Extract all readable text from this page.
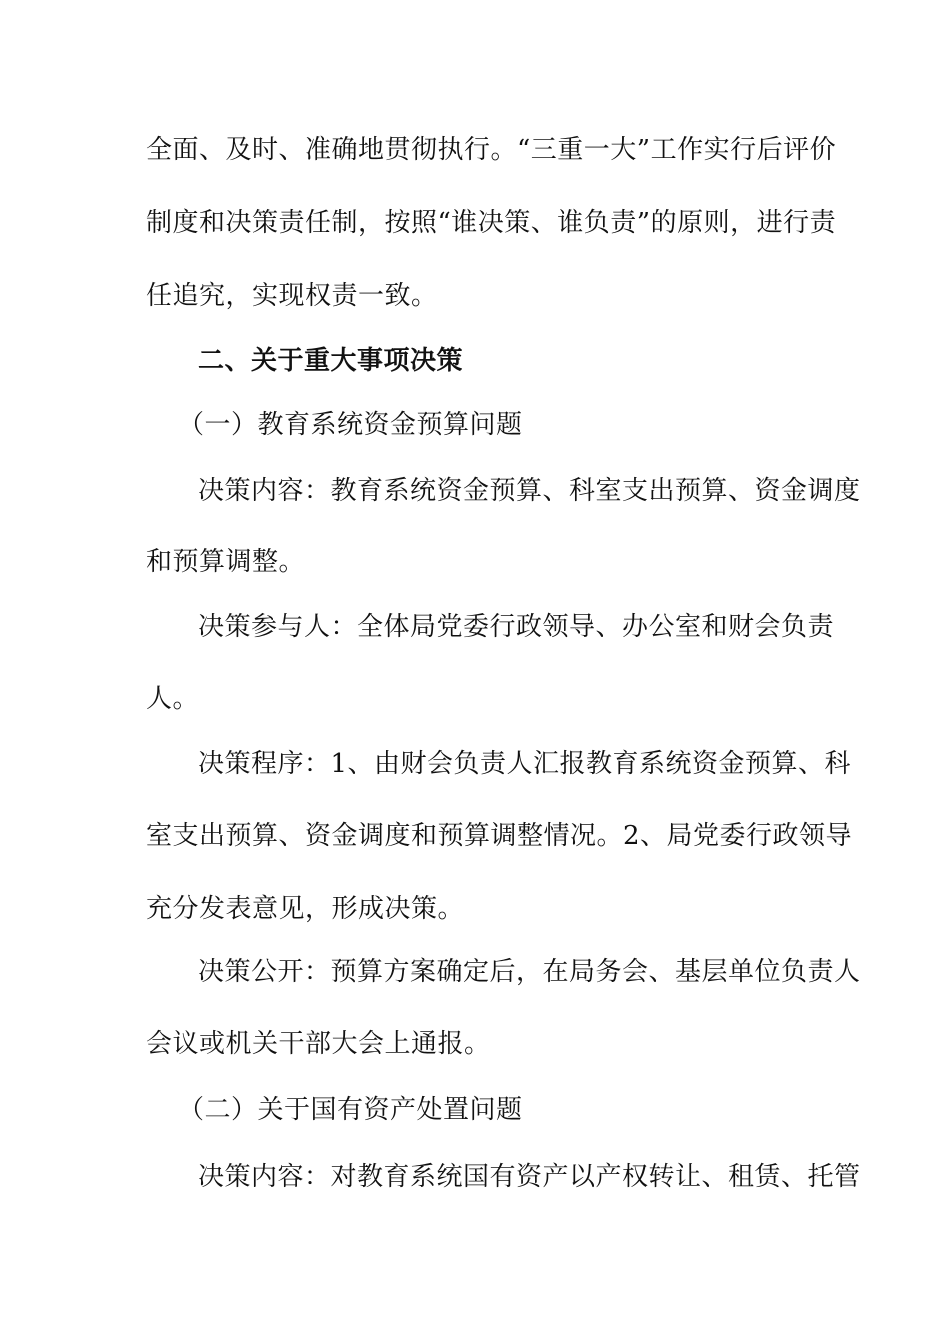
全面、及时、准确地贯彻执行。“三重一大”工作实行后评价
制度和决策责任制，按照“谁决策、谁负责”的原则，进行责
任追究，实现权责一致。
二、关于重大事项决策
（一）教育系统资金预算问题
决策内容：教育系统资金预算、科室支出预算、资金调度
和预算调整。
决策参与人：全体局党委行政领导、办公室和财会负责
人。
决策程序：1、由财会负责人汇报教育系统资金预算、科
室支出预算、资金调度和预算调整情况。2、局党委行政领导
充分发表意见，形成决策。
决策公开：预算方案确定后，在局务会、基层单位负责人
会议或机关干部大会上通报。
（二）关于国有资产处置问题
决策内容：对教育系统国有资产以产权转让、租赁、托管
